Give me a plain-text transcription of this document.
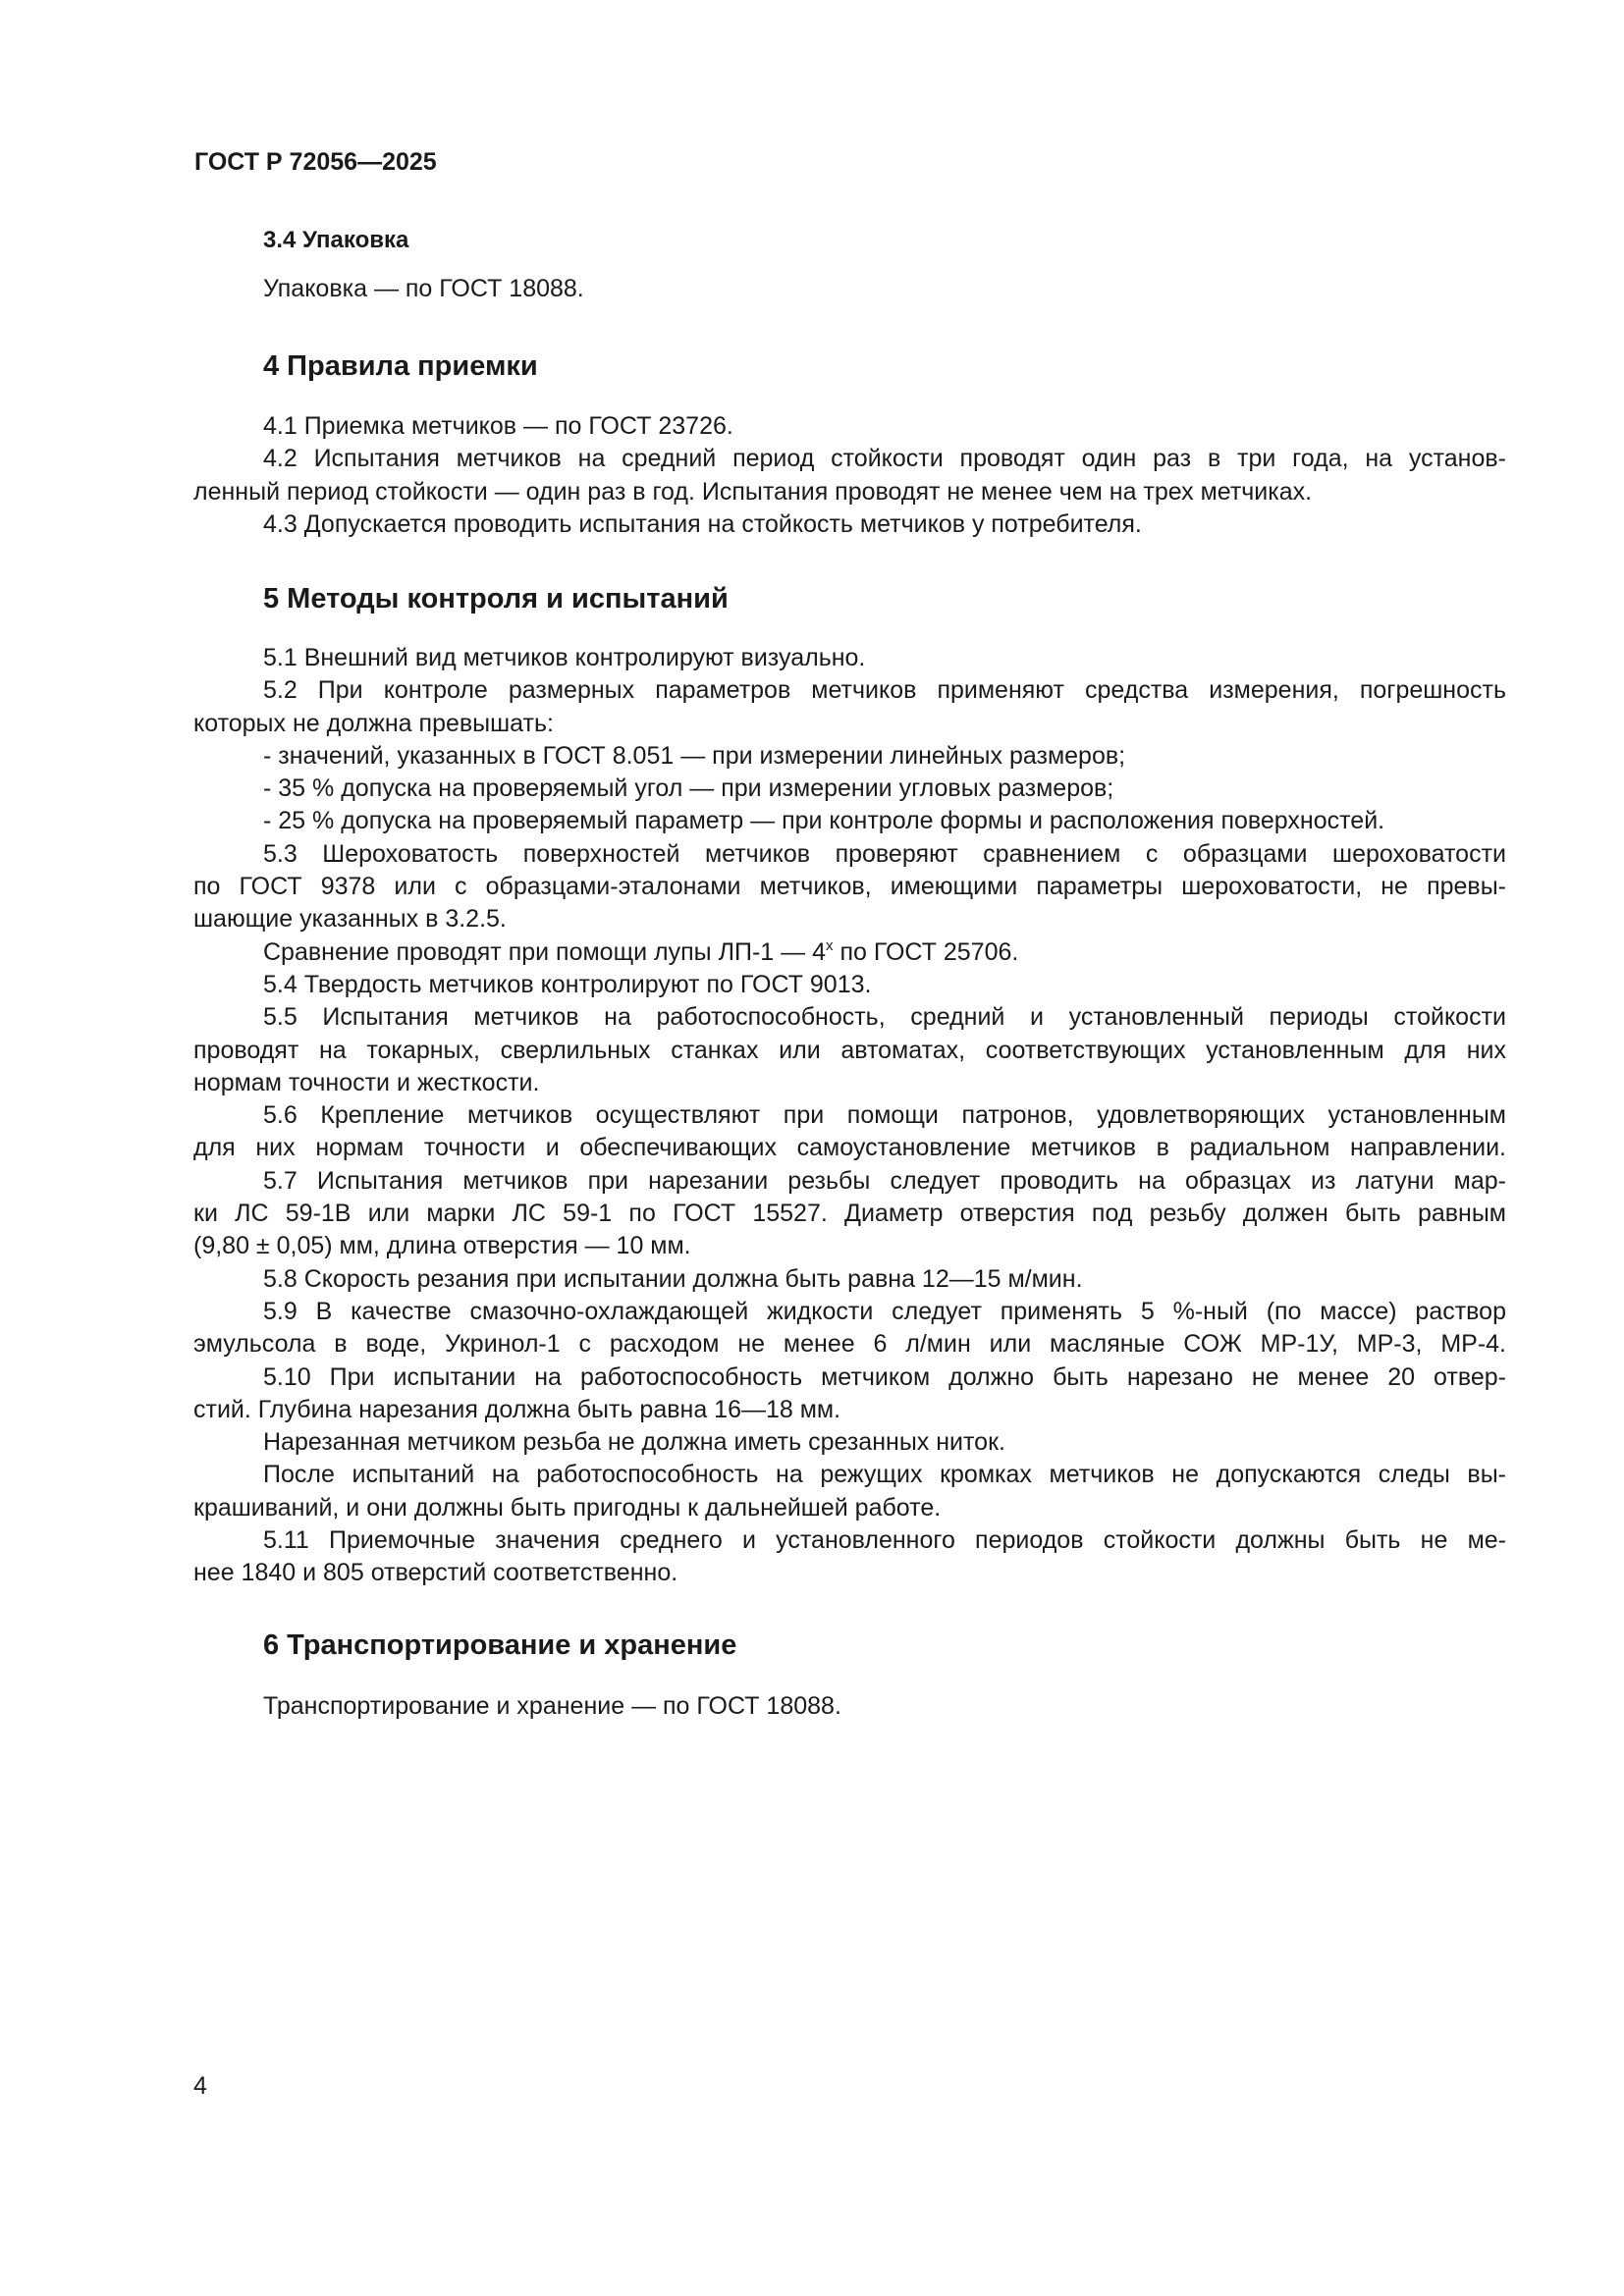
ГОСТ Р 72056—2025
3.4 Упаковка
Упаковка — по ГОСТ 18088.
4 Правила приемки
4.1 Приемка метчиков — по ГОСТ 23726.
4.2 Испытания метчиков на средний период стойкости проводят один раз в три года, на установ-
ленный период стойкости — один раз в год. Испытания проводят не менее чем на трех метчиках.
4.3 Допускается проводить испытания на стойкость метчиков у потребителя.
5 Методы контроля и испытаний
5.1 Внешний вид метчиков контролируют визуально.
5.2 При контроле размерных параметров метчиков применяют средства измерения, погрешность
которых не должна превышать:
- значений, указанных в ГОСТ 8.051 — при измерении линейных размеров;
- 35 % допуска на проверяемый угол — при измерении угловых размеров;
- 25 % допуска на проверяемый параметр — при контроле формы и расположения поверхностей.
5.3 Шероховатость поверхностей метчиков проверяют сравнением с образцами шероховатости
по ГОСТ 9378 или с образцами-эталонами метчиков, имеющими параметры шероховатости, не превы-
шающие указанных в 3.2.5.
Сравнение проводят при помощи лупы ЛП-1 — $4^х$ по ГОСТ 25706.
5.4 Твердость метчиков контролируют по ГОСТ 9013.
5.5 Испытания метчиков на работоспособность, средний и установленный периоды стойкости
проводят на токарных, сверлильных станках или автоматах, соответствующих установленным для них
нормам точности и жесткости.
5.6 Крепление метчиков осуществляют при помощи патронов, удовлетворяющих установленным
для них нормам точности и обеспечивающих самоустановление метчиков в радиальном направлении.
5.7 Испытания метчиков при нарезании резьбы следует проводить на образцах из латуни мар-
ки ЛС 59-1В или марки ЛС 59-1 по ГОСТ 15527. Диаметр отверстия под резьбу должен быть равным
(9,80 ± 0,05) мм, длина отверстия — 10 мм.
5.8 Скорость резания при испытании должна быть равна 12—15 м/мин.
5.9 В качестве смазочно-охлаждающей жидкости следует применять 5 %-ный (по массе) раствор
эмульсола в воде, Укринол-1 с расходом не менее 6 л/мин или масляные СОЖ МР-1У, МР-3, МР-4.
5.10 При испытании на работоспособность метчиком должно быть нарезано не менее 20 отвер-
стий. Глубина нарезания должна быть равна 16—18 мм.
Нарезанная метчиком резьба не должна иметь срезанных ниток.
После испытаний на работоспособность на режущих кромках метчиков не допускаются следы вы-
крашиваний, и они должны быть пригодны к дальнейшей работе.
5.11 Приемочные значения среднего и установленного периодов стойкости должны быть не ме-
нее 1840 и 805 отверстий соответственно.
6 Транспортирование и хранение
Транспортирование и хранение — по ГОСТ 18088.
4
